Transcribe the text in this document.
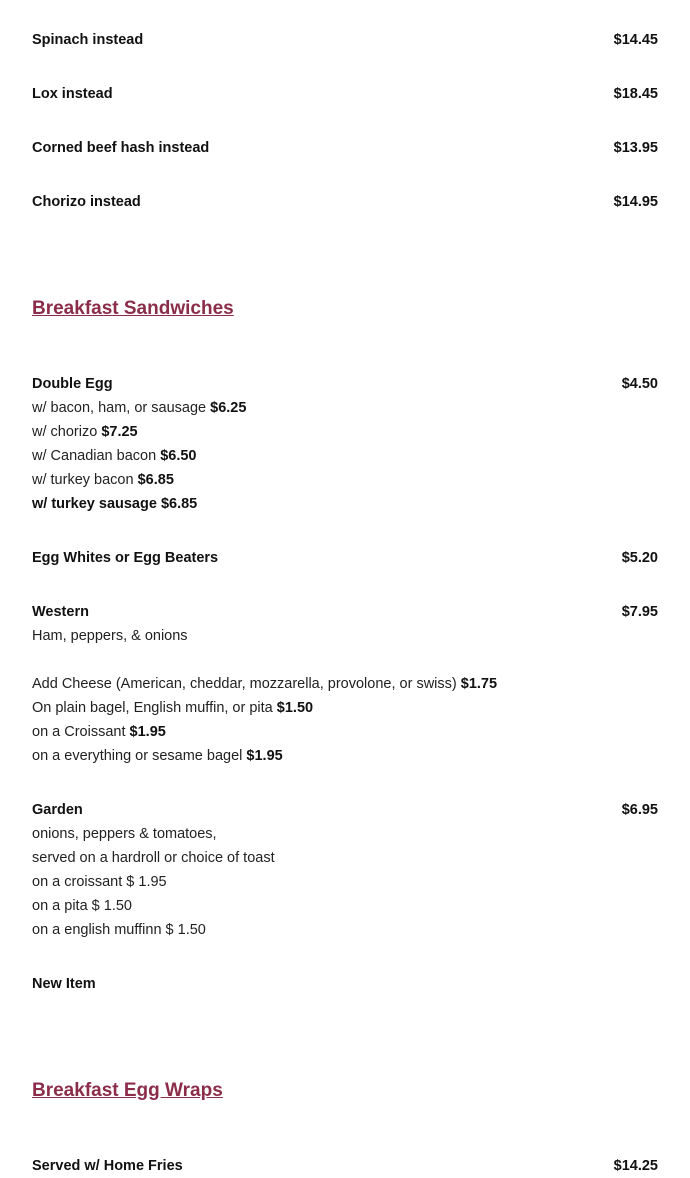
Spinach instead	$14.45
Lox instead	$18.45
Corned beef hash instead	$13.95
Chorizo instead	$14.95
Breakfast Sandwiches
Double Egg	$4.50
w/ bacon, ham, or sausage $6.25
w/ chorizo $7.25
w/ Canadian bacon $6.50
w/ turkey bacon $6.85
w/ turkey sausage $6.85
Egg Whites or Egg Beaters	$5.20
Western	$7.95
Ham, peppers, & onions
Add Cheese (American, cheddar, mozzarella, provolone, or swiss) $1.75
On plain bagel, English muffin, or pita $1.50
on a Croissant $1.95
on a everything or sesame bagel $1.95
Garden	$6.95
onions, peppers & tomatoes,
served on a hardroll or choice of toast
on a croissant $ 1.95
on a pita $ 1.50
on a english muffinn $ 1.50
New Item
Breakfast Egg Wraps
Served w/ Home Fries	$14.25
